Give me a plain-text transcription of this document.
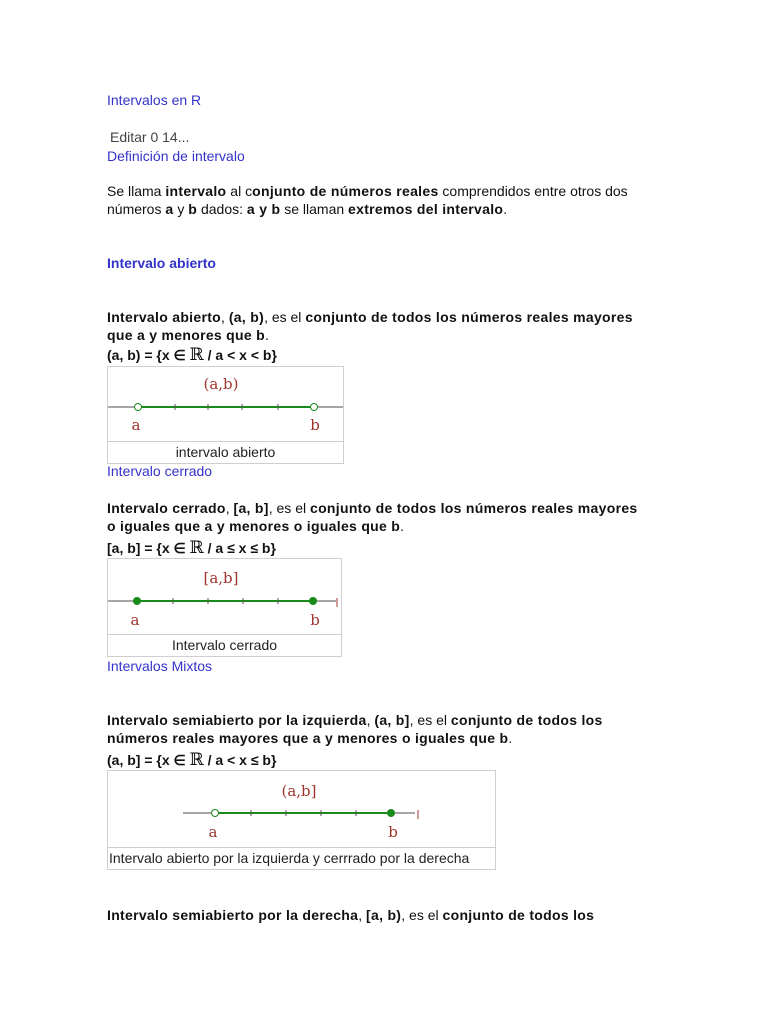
Intervalos en R
Editar 0 14...
Definición de intervalo
Se llama intervalo al conjunto de números reales comprendidos entre otros dos
números a y b dados: a y b se llaman extremos del intervalo.
Intervalo abierto
Intervalo abierto, (a, b), es el conjunto de todos los números reales mayores
que a y menores que b.
(a, b) = {x ∈ ℝ / a < x < b}
(a,b)
a	b
intervalo abierto
Intervalo cerrado
Intervalo cerrado, [a, b], es el conjunto de todos los números reales mayores
o iguales que a y menores o iguales que b.
[a, b] = {x ∈ ℝ / a ≤ x ≤ b}
[a,b]
a	b
Intervalo cerrado
Intervalos Mixtos
Intervalo semiabierto por la izquierda, (a, b], es el conjunto de todos los
números reales mayores que a y menores o iguales que b.
(a, b] = {x ∈ ℝ / a < x ≤ b}
(a,b]
a	b
Intervalo abierto por la izquierda y cerrrado por la derecha
Intervalo semiabierto por la derecha, [a, b), es el conjunto de todos los
